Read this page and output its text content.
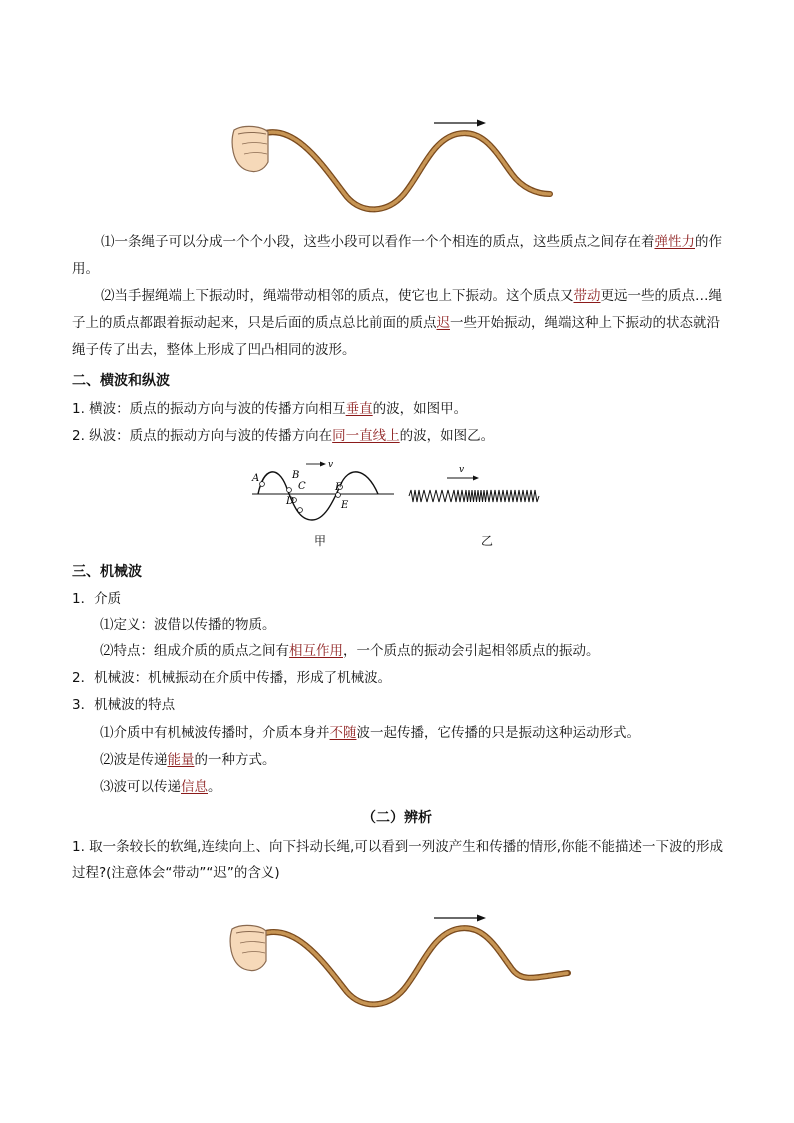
⑴一条绳子可以分成一个个小段，这些小段可以看作一个个相连的质点，这些质点之间存在着弹性力的作用。
⑵当手握绳端上下振动时，绳端带动相邻的质点，使它也上下振动。这个质点又带动更远一些的质点…绳子上的质点都跟着振动起来，只是后面的质点总比前面的质点迟一些开始振动，绳端这种上下振动的状态就沿绳子传了出去，整体上形成了凹凸相同的波形。
二、横波和纵波
1. 横波：质点的振动方向与波的传播方向相互垂直的波，如图甲。
2. 纵波：质点的振动方向与波的传播方向在同一直线上的波，如图乙。
v
A	B
C
D	E
F
甲
v
乙
三、机械波
1．介质
⑴定义：波借以传播的物质。
⑵特点：组成介质的质点之间有相互作用，一个质点的振动会引起相邻质点的振动。
2．机械波：机械振动在介质中传播，形成了机械波。
3．机械波的特点
⑴介质中有机械波传播时，介质本身并不随波一起传播，它传播的只是振动这种运动形式。
⑵波是传递能量的一种方式。
⑶波可以传递信息。
（二）辨析
1. 取一条较长的软绳,连续向上、向下抖动长绳,可以看到一列波产生和传播的情形,你能不能描述一下波的形成过程?(注意体会“带动”“迟”的含义)
